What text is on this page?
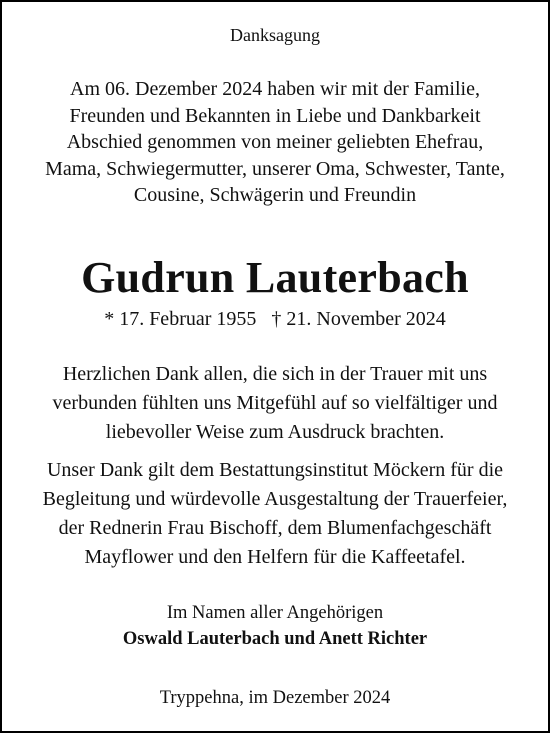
Danksagung
Am 06. Dezember 2024 haben wir mit der Familie,
Freunden und Bekannten in Liebe und Dankbarkeit
Abschied genommen von meiner geliebten Ehefrau,
Mama, Schwiegermutter, unserer Oma, Schwester, Tante,
Cousine, Schwägerin und Freundin
Gudrun Lauterbach
* 17. Februar 1955   † 21. November 2024
Herzlichen Dank allen, die sich in der Trauer mit uns
verbunden fühlten uns Mitgefühl auf so vielfältiger und
liebevoller Weise zum Ausdruck brachten.
Unser Dank gilt dem Bestattungsinstitut Möckern für die
Begleitung und würdevolle Ausgestaltung der Trauerfeier,
der Rednerin Frau Bischoff, dem Blumenfachgeschäft
Mayflower und den Helfern für die Kaffeetafel.
Im Namen aller Angehörigen
Oswald Lauterbach und Anett Richter
Tryppehna, im Dezember 2024
